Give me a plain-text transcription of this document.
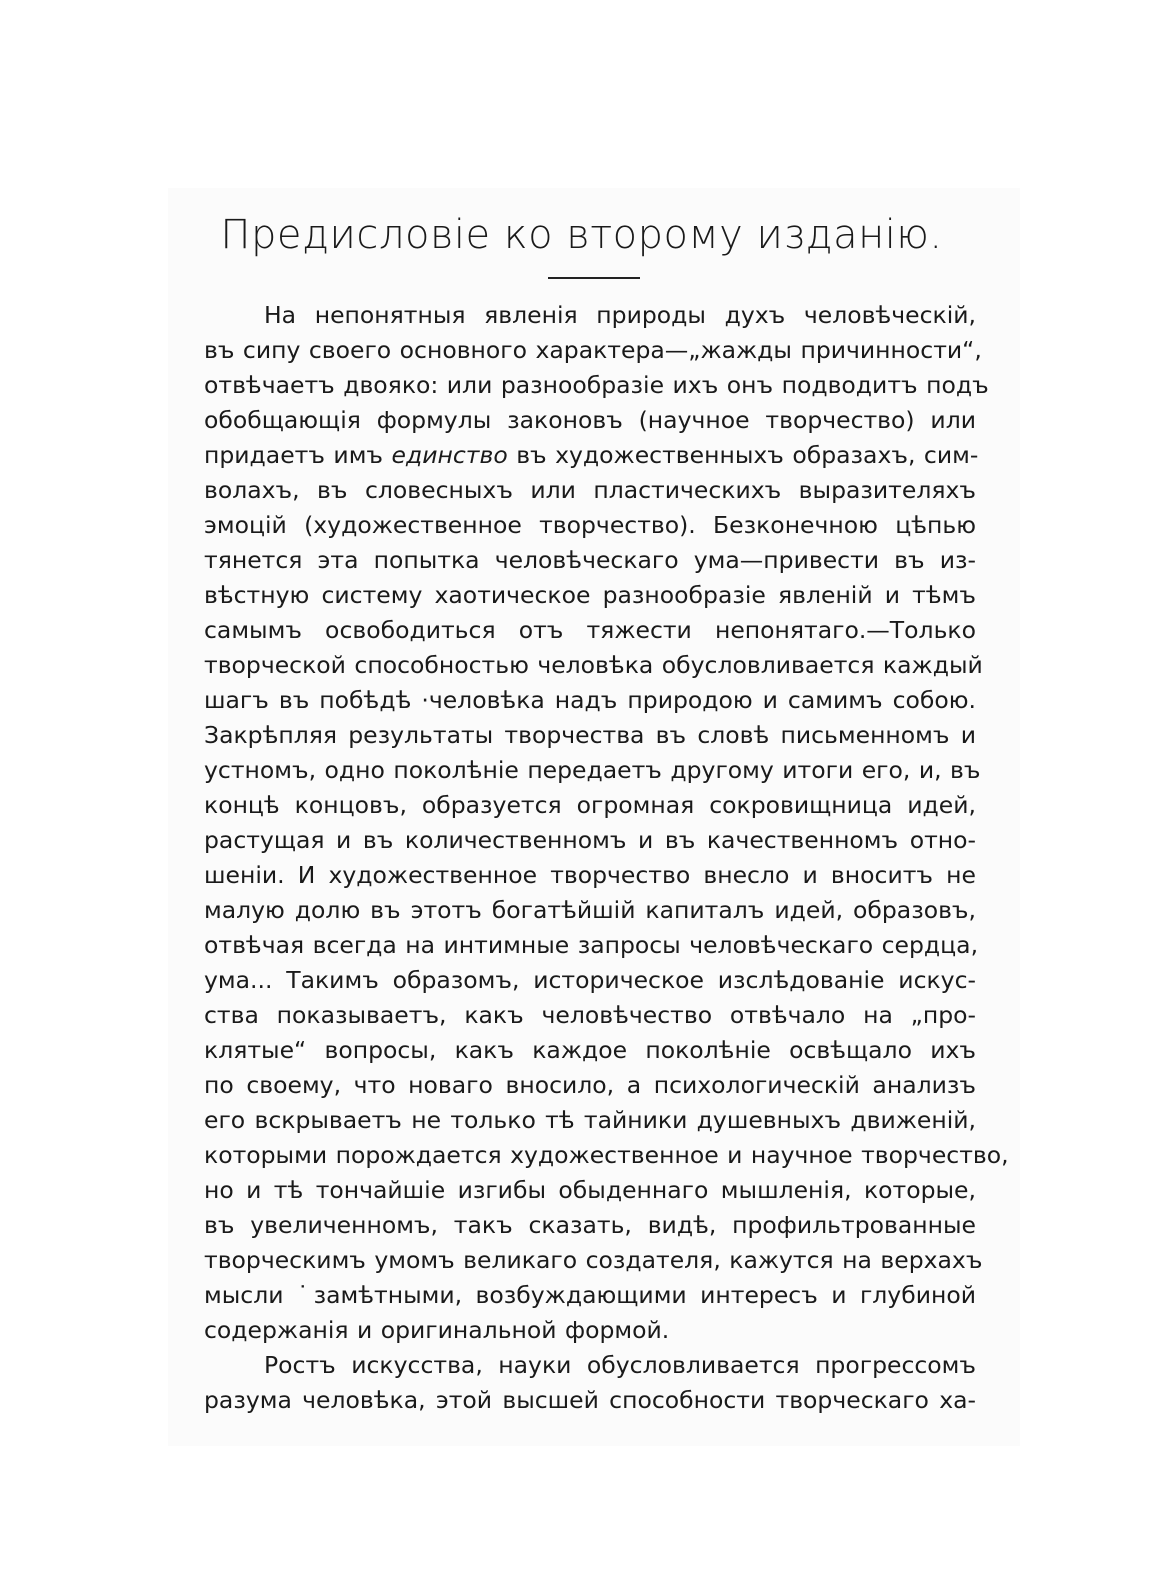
Предисловіе ко второму изданію.
На непонятныя явленія природы духъ человѣческій,
въ сипу своего основного характера—„жажды причинности“,
отвѣчаетъ двояко: или разнообразіе ихъ онъ подводитъ подъ
обобщающія формулы законовъ (научное творчество) или
придаетъ имъ единство въ художественныхъ образахъ, сим-
волахъ, въ словесныхъ или пластическихъ выразителяхъ
эмоцій (художественное творчество). Безконечною цѣпью
тянется эта попытка человѣческаго ума—привести въ из-
вѣстную систему хаотическое разнообразіе явленій и тѣмъ
самымъ освободиться отъ тяжести непонятаго.—Только
творческой способностью человѣка обусловливается каждый
шагъ въ побѣдѣ ·человѣка надъ природою и самимъ собою.
Закрѣпляя результаты творчества въ словѣ письменномъ и
устномъ, одно поколѣніе передаетъ другому итоги его, и, въ
концѣ концовъ, образуется огромная сокровищница идей,
растущая и въ количественномъ и въ качественномъ отно-
шеніи. И художественное творчество внесло и вноситъ не
малую долю въ этотъ богатѣйшій капиталъ идей, образовъ,
отвѣчая всегда на интимные запросы человѣческаго сердца,
ума... Такимъ образомъ, историческое изслѣдованіе искус-
ства показываетъ, какъ человѣчество отвѣчало на „про-
клятые“ вопросы, какъ каждое поколѣніе освѣщало ихъ
по своему, что новаго вносило, а психологическій анализъ
его вскрываетъ не только тѣ тайники душевныхъ движеній,
которыми порождается художественное и научное творчество,
но и тѣ тончайшіе изгибы обыденнаго мышленія, которые,
въ увеличенномъ, такъ сказать, видѣ, профильтрованные
творческимъ умомъ великаго создателя, кажутся на верхахъ
мысли ˙замѣтными, возбуждающими интересъ и глубиной
содержанія и оригинальной формой.
Ростъ искусства, науки обусловливается прогрессомъ
разума человѣка, этой высшей способности творческаго ха-
